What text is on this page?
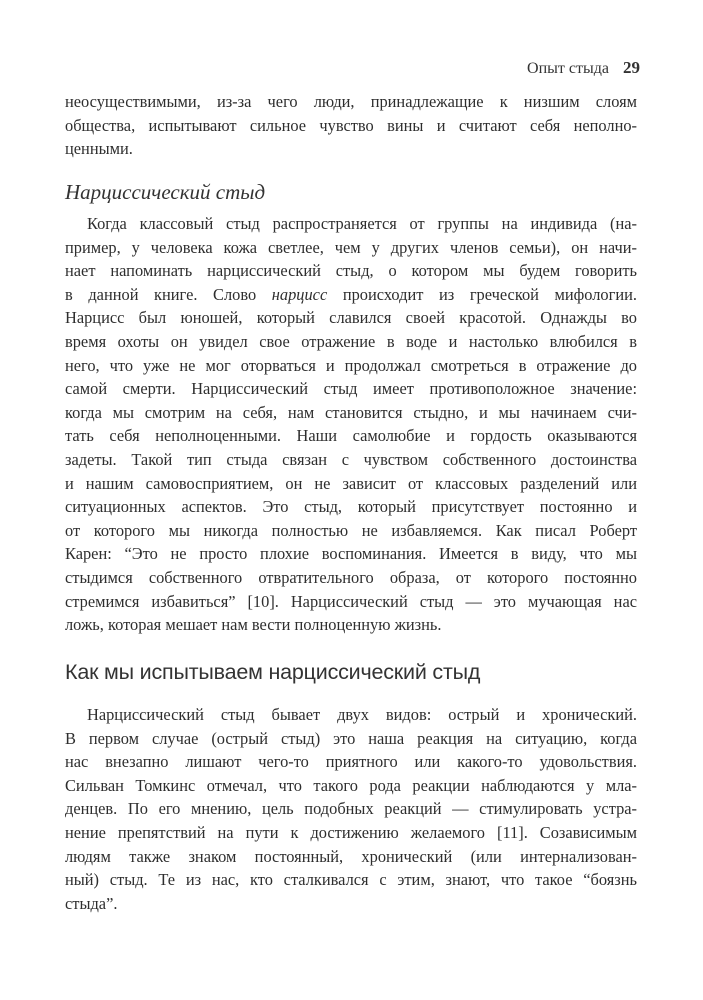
Опыт стыда 29
неосуществимыми, из-за чего люди, принадлежащие к низшим слоям
общества, испытывают сильное чувство вины и считают себя неполно-
ценными.
Нарциссический стыд
Когда классовый стыд распространяется от группы на индивида (на-
пример, у человека кожа светлее, чем у других членов семьи), он начи-
нает напоминать нарциссический стыд, о котором мы будем говорить
в данной книге. Слово нарцисс происходит из греческой мифологии.
Нарцисс был юношей, который славился своей красотой. Однажды во
время охоты он увидел свое отражение в воде и настолько влюбился в
него, что уже не мог оторваться и продолжал смотреться в отражение до
самой смерти. Нарциссический стыд имеет противоположное значение:
когда мы смотрим на себя, нам становится стыдно, и мы начинаем счи-
тать себя неполноценными. Наши самолюбие и гордость оказываются
задеты. Такой тип стыда связан с чувством собственного достоинства
и нашим самовосприятием, он не зависит от классовых разделений или
ситуационных аспектов. Это стыд, который присутствует постоянно и
от которого мы никогда полностью не избавляемся. Как писал Роберт
Карен: “Это не просто плохие воспоминания. Имеется в виду, что мы
стыдимся собственного отвратительного образа, от которого постоянно
стремимся избавиться” [10]. Нарциссический стыд — это мучающая нас
ложь, которая мешает нам вести полноценную жизнь.
Как мы испытываем нарциссический стыд
Нарциссический стыд бывает двух видов: острый и хронический.
В первом случае (острый стыд) это наша реакция на ситуацию, когда
нас внезапно лишают чего-то приятного или какого-то удовольствия.
Сильван Томкинс отмечал, что такого рода реакции наблюдаются у мла-
денцев. По его мнению, цель подобных реакций — стимулировать устра-
нение препятствий на пути к достижению желаемого [11]. Созависимым
людям также знаком постоянный, хронический (или интернализован-
ный) стыд. Те из нас, кто сталкивался с этим, знают, что такое “боязнь
стыда”.
